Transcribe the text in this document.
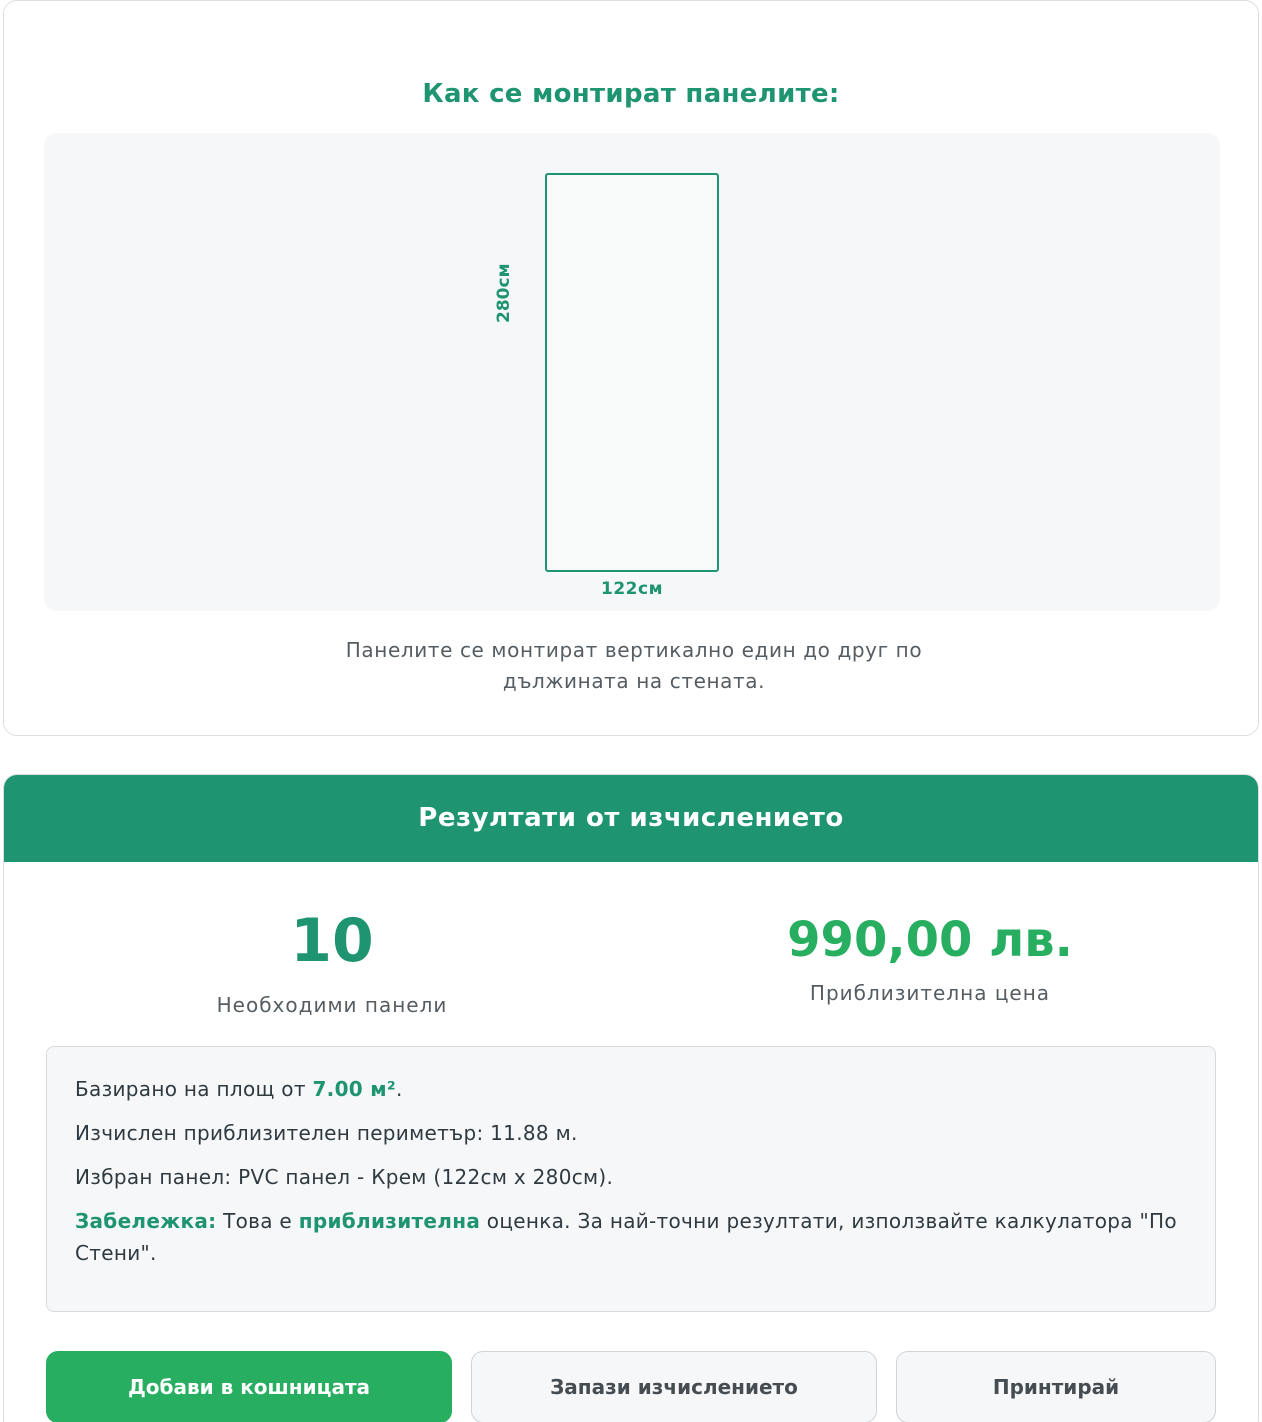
Как се монтират панелите:
280см
122см
Панелите се монтират вертикално един до друг по дължината на стената.
Резултати от изчислението
10
Необходими панели
990,00 лв.
Приблизителна цена

Базирано на площ от 7.00 м².

Изчислен приблизителен периметър: 11.88 м.

Избран панел: PVC панел - Крем (122см x 280см).

Забележка: Това е приблизителна оценка. За най-точни резултати, използвайте калкулатора "По Стени".

Добави в кошницата	Запази изчислението	Принтирай
